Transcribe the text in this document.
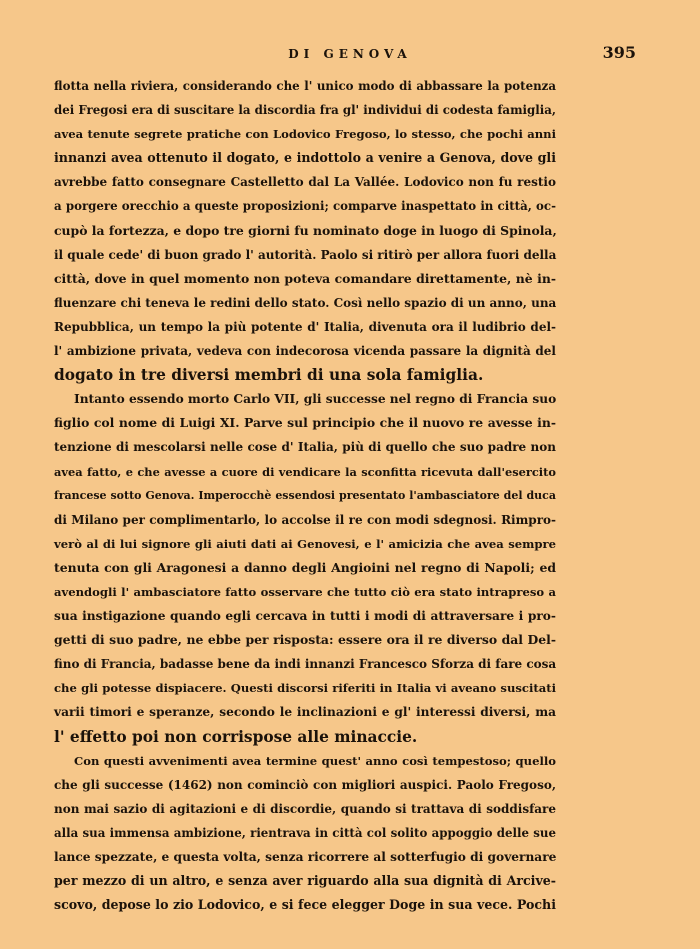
DI GENOVA	395
flotta nella riviera, considerando che l' unico modo di abbassare la potenza
dei Fregosi era di suscitare la discordia fra gl' individui di codesta famiglia,
avea tenute segrete pratiche con Lodovico Fregoso, lo stesso, che pochi anni
innanzi avea ottenuto il dogato, e indottolo a venire a Genova, dove gli
avrebbe fatto consegnare Castelletto dal La Vallée. Lodovico non fu restio
a porgere orecchio a queste proposizioni; comparve inaspettato in città, oc-
cupò la fortezza, e dopo tre giorni fu nominato doge in luogo di Spinola,
il quale cede' di buon grado l' autorità. Paolo si ritirò per allora fuori della
città, dove in quel momento non poteva comandare direttamente, nè in-
fluenzare chi teneva le redini dello stato. Così nello spazio di un anno, una
Repubblica, un tempo la più potente d' Italia, divenuta ora il ludibrio del-
l' ambizione privata, vedeva con indecorosa vicenda passare la dignità del
dogato in tre diversi membri di una sola famiglia.
Intanto essendo morto Carlo VII, gli successe nel regno di Francia suo
figlio col nome di Luigi XI. Parve sul principio che il nuovo re avesse in-
tenzione di mescolarsi nelle cose d' Italia, più di quello che suo padre non
avea fatto, e che avesse a cuore di vendicare la sconfitta ricevuta dall'esercito
francese sotto Genova. Imperocchè essendosi presentato l'ambasciatore del duca
di Milano per complimentarlo, lo accolse il re con modi sdegnosi. Rimpro-
verò al di lui signore gli aiuti dati ai Genovesi, e l' amicizia che avea sempre
tenuta con gli Aragonesi a danno degli Angioini nel regno di Napoli; ed
avendogli l' ambasciatore fatto osservare che tutto ciò era stato intrapreso a
sua instigazione quando egli cercava in tutti i modi di attraversare i pro-
getti di suo padre, ne ebbe per risposta: essere ora il re diverso dal Del-
fino di Francia, badasse bene da indi innanzi Francesco Sforza di fare cosa
che gli potesse dispiacere. Questi discorsi riferiti in Italia vi aveano suscitati
varii timori e speranze, secondo le inclinazioni e gl' interessi diversi, ma
l' effetto poi non corrispose alle minaccie.
Con questi avvenimenti avea termine quest' anno così tempestoso; quello
che gli successe (1462) non cominciò con migliori auspici. Paolo Fregoso,
non mai sazio di agitazioni e di discordie, quando si trattava di soddisfare
alla sua immensa ambizione, rientrava in città col solito appoggio delle sue
lance spezzate, e questa volta, senza ricorrere al sotterfugio di governare
per mezzo di un altro, e senza aver riguardo alla sua dignità di Arcive-
scovo, depose lo zio Lodovico, e si fece elegger Doge in sua vece. Pochi
